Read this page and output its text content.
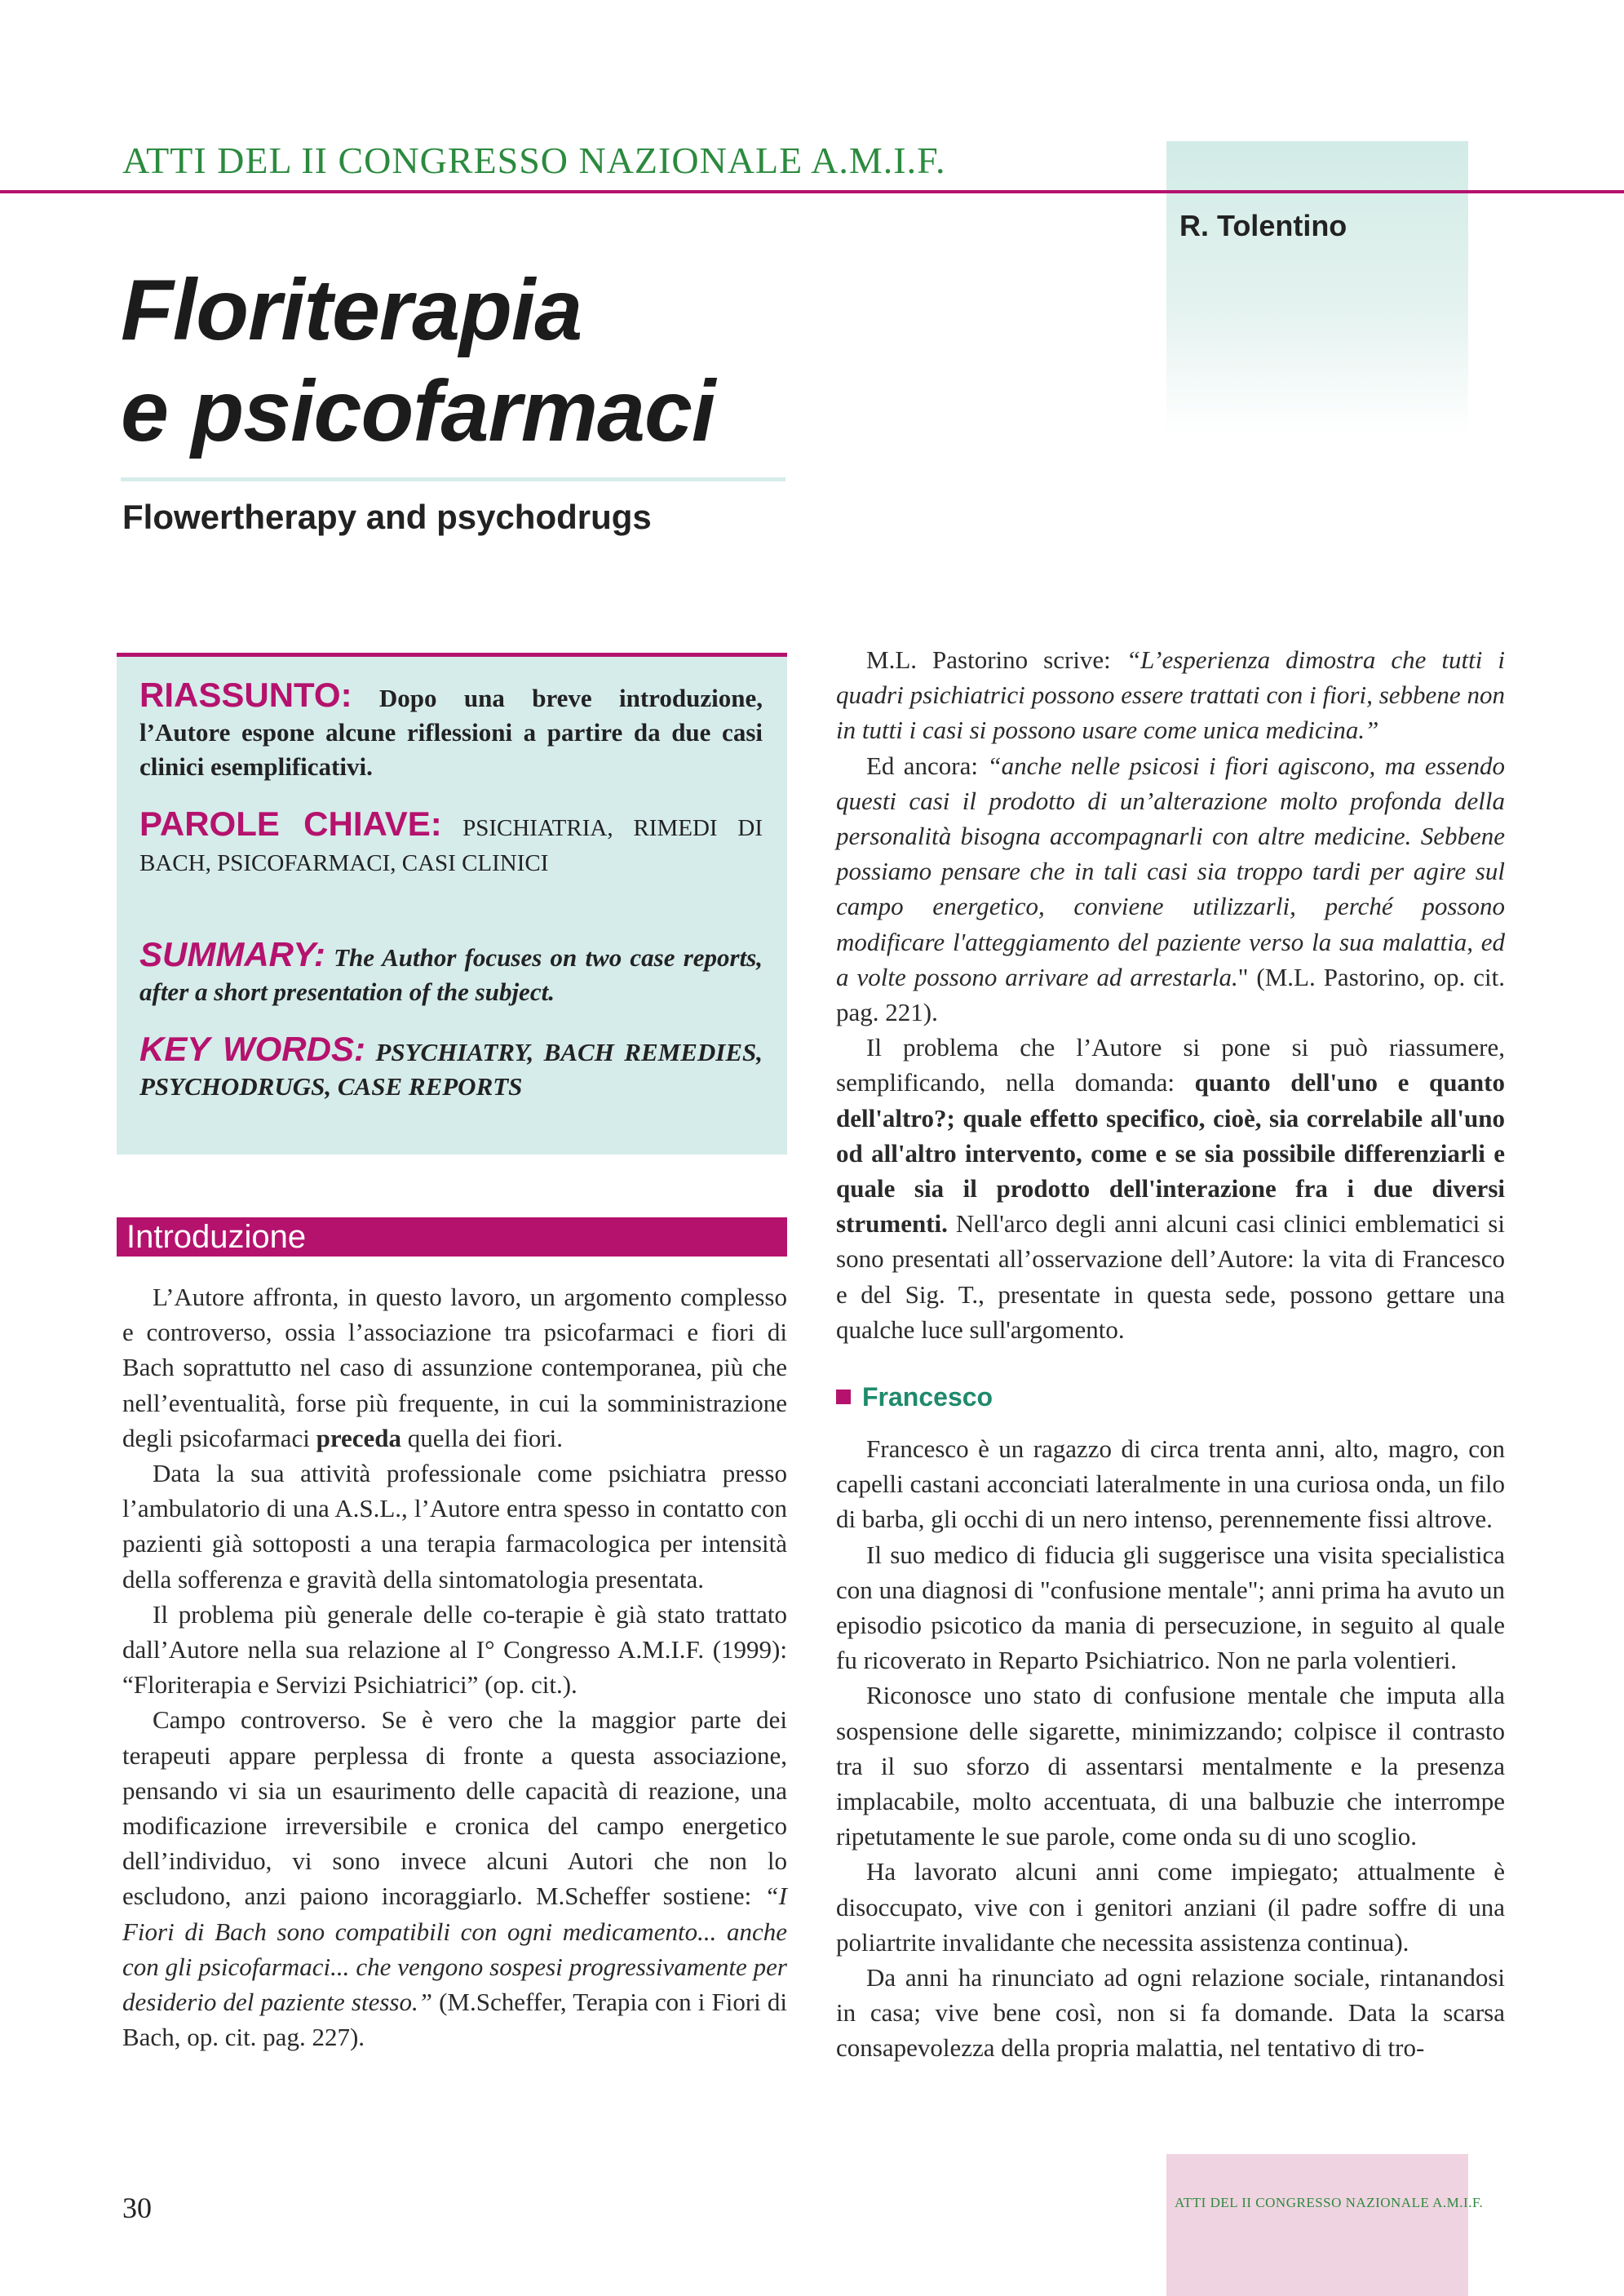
ATTI DEL II CONGRESSO NAZIONALE A.M.I.F.
R. Tolentino
Floriterapia
e psicofarmaci
Flowertherapy and psychodrugs

RIASSUNTO: Dopo una breve introduzione, l’Autore espone alcune riflessioni a partire da due casi clinici esemplificativi.

PAROLE CHIAVE: PSICHIATRIA, RIMEDI DI BACH, PSICOFARMACI, CASI CLINICI

SUMMARY: The Author focuses on two case reports, after a short presentation of the subject.

KEY WORDS: PSYCHIATRY, BACH REMEDIES, PSYCHODRUGS, CASE REPORTS

Introduzione

L’Autore affronta, in questo lavoro, un argomento complesso e controverso, ossia l’associazione tra psicofarmaci e fiori di Bach soprattutto nel caso di assunzione contemporanea, più che nell’eventualità, forse più frequente, in cui la somministrazione degli psicofarmaci preceda quella dei fiori.

Data la sua attività professionale come psichiatra presso l’ambulatorio di una A.S.L., l’Autore entra spesso in contatto con pazienti già sottoposti a una terapia farmacologica per intensità della sofferenza e gravità della sintomatologia presentata.

Il problema più generale delle co-terapie è già stato trattato dall’Autore nella sua relazione al I° Congresso A.M.I.F. (1999): “Floriterapia e Servizi Psichiatrici” (op. cit.).

Campo controverso. Se è vero che la maggior parte dei terapeuti appare perplessa di fronte a questa associazione, pensando vi sia un esaurimento delle capacità di reazione, una modificazione irreversibile e cronica del campo energetico dell’individuo, vi sono invece alcuni Autori che non lo escludono, anzi paiono incoraggiarlo. M.Scheffer sostiene: “I Fiori di Bach sono compatibili con ogni medicamento... anche con gli psicofarmaci... che vengono sospesi progressivamente per desiderio del paziente stesso.” (M.Scheffer, Terapia con i Fiori di Bach, op. cit. pag. 227).

M.L. Pastorino scrive: “L’esperienza dimostra che tutti i quadri psichiatrici possono essere trattati con i fiori, sebbene non in tutti i casi si possono usare come unica medicina.”

Ed ancora: “anche nelle psicosi i fiori agiscono, ma essendo questi casi il prodotto di un’alterazione molto profonda della personalità bisogna accompagnarli con altre medicine. Sebbene possiamo pensare che in tali casi sia troppo tardi per agire sul campo energetico, conviene utilizzarli, perché possono modificare l'atteggiamento del paziente verso la sua malattia, ed a volte possono arrivare ad arrestarla." (M.L. Pastorino, op. cit. pag. 221).

Il problema che l’Autore si pone si può riassumere, semplificando, nella domanda: quanto dell'uno e quanto dell'altro?; quale effetto specifico, cioè, sia correlabile all'uno od all'altro intervento, come e se sia possibile differenziarli e quale sia il prodotto dell'interazione fra i due diversi strumenti. Nell'arco degli anni alcuni casi clinici emblematici si sono presentati all’osservazione dell’Autore: la vita di Francesco e del Sig. T., presentate in questa sede, possono gettare una qualche luce sull'argomento.

Francesco

Francesco è un ragazzo di circa trenta anni, alto, magro, con capelli castani acconciati lateralmente in una curiosa onda, un filo di barba, gli occhi di un nero intenso, perennemente fissi altrove.

Il suo medico di fiducia gli suggerisce una visita specialistica con una diagnosi di "confusione mentale"; anni prima ha avuto un episodio psicotico da mania di persecuzione, in seguito al quale fu ricoverato in Reparto Psichiatrico. Non ne parla volentieri.

Riconosce uno stato di confusione mentale che imputa alla sospensione delle sigarette, minimizzando; colpisce il contrasto tra il suo sforzo di assentarsi mentalmente e la presenza implacabile, molto accentuata, di una balbuzie che interrompe ripetutamente le sue parole, come onda su di uno scoglio.

Ha lavorato alcuni anni come impiegato; attualmente è disoccupato, vive con i genitori anziani (il padre soffre di una poliartrite invalidante che necessita assistenza continua).

Da anni ha rinunciato ad ogni relazione sociale, rintanandosi in casa; vive bene così, non si fa domande. Data la scarsa consapevolezza della propria malattia, nel tentativo di tro-

30	ATTI DEL II CONGRESSO NAZIONALE A.M.I.F.
